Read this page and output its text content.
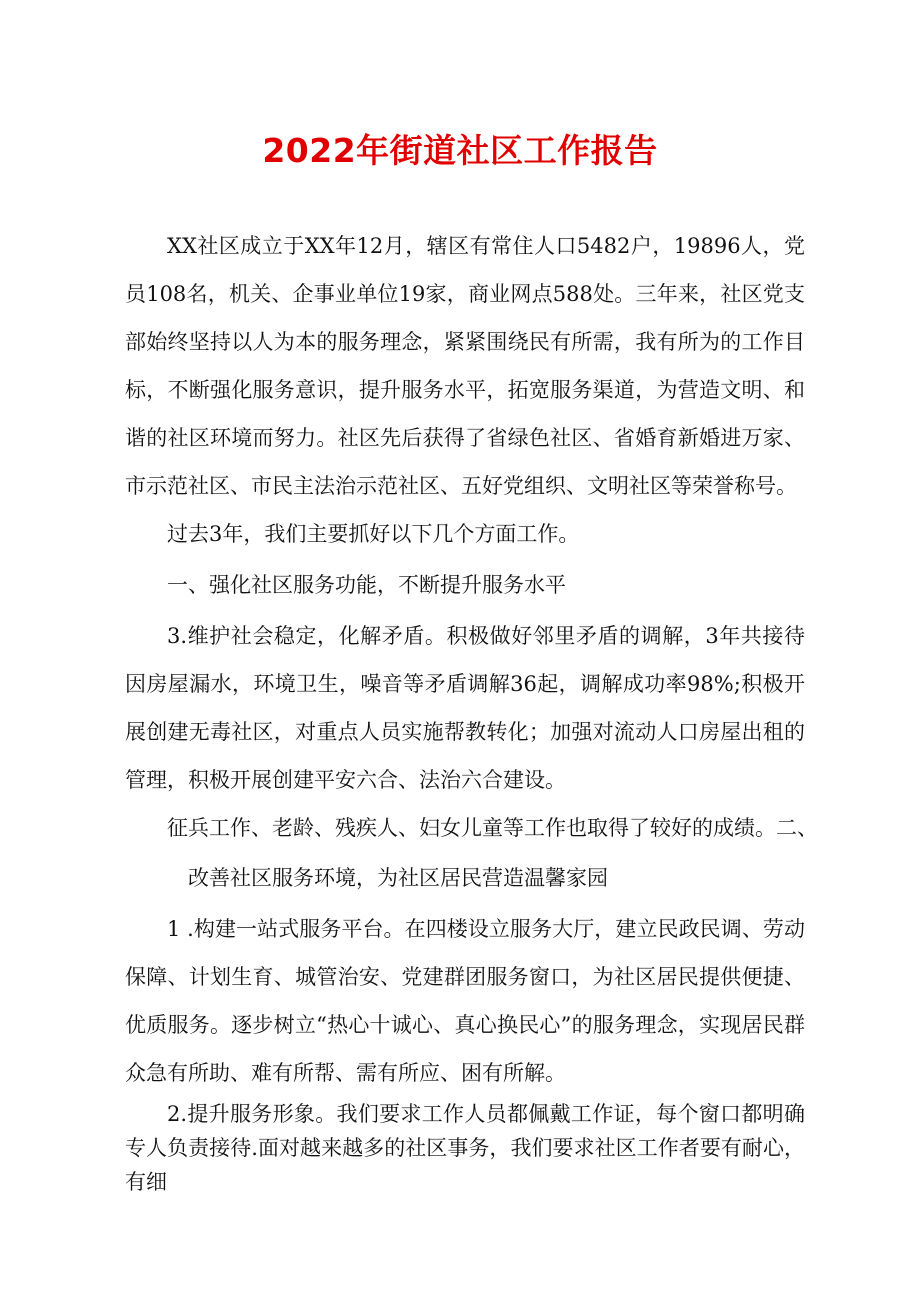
2022年街道社区工作报告

XX社区成立于XX年12月，辖区有常住人口5482户，19896人，党员108名，机关、企事业单位19家，商业网点588处。三年来，社区党支部始终坚持以人为本的服务理念，紧紧围绕民有所需，我有所为的工作目标，不断强化服务意识，提升服务水平，拓宽服务渠道，为营造文明、和谐的社区环境而努力。社区先后获得了省绿色社区、省婚育新婚进万家、市示范社区、市民主法治示范社区、五好党组织、文明社区等荣誉称号。

过去3年，我们主要抓好以下几个方面工作。

一、强化社区服务功能，不断提升服务水平

3.维护社会稳定，化解矛盾。积极做好邻里矛盾的调解，3年共接待因房屋漏水，环境卫生，噪音等矛盾调解36起，调解成功率98%;积极开展创建无毒社区，对重点人员实施帮教转化；加强对流动人口房屋出租的管理，积极开展创建平安六合、法治六合建设。

征兵工作、老龄、残疾人、妇女儿童等工作也取得了较好的成绩。二、

改善社区服务环境，为社区居民营造温馨家园

1 .构建一站式服务平台。在四楼设立服务大厅，建立民政民调、劳动保障、计划生育、城管治安、党建群团服务窗口，为社区居民提供便捷、优质服务。逐步树立“热心十诚心、真心换民心”的服务理念，实现居民群众急有所助、难有所帮、需有所应、困有所解。

2.提升服务形象。我们要求工作人员都佩戴工作证，每个窗口都明确专人负责接待.面对越来越多的社区事务，我们要求社区工作者要有耐心，有细
